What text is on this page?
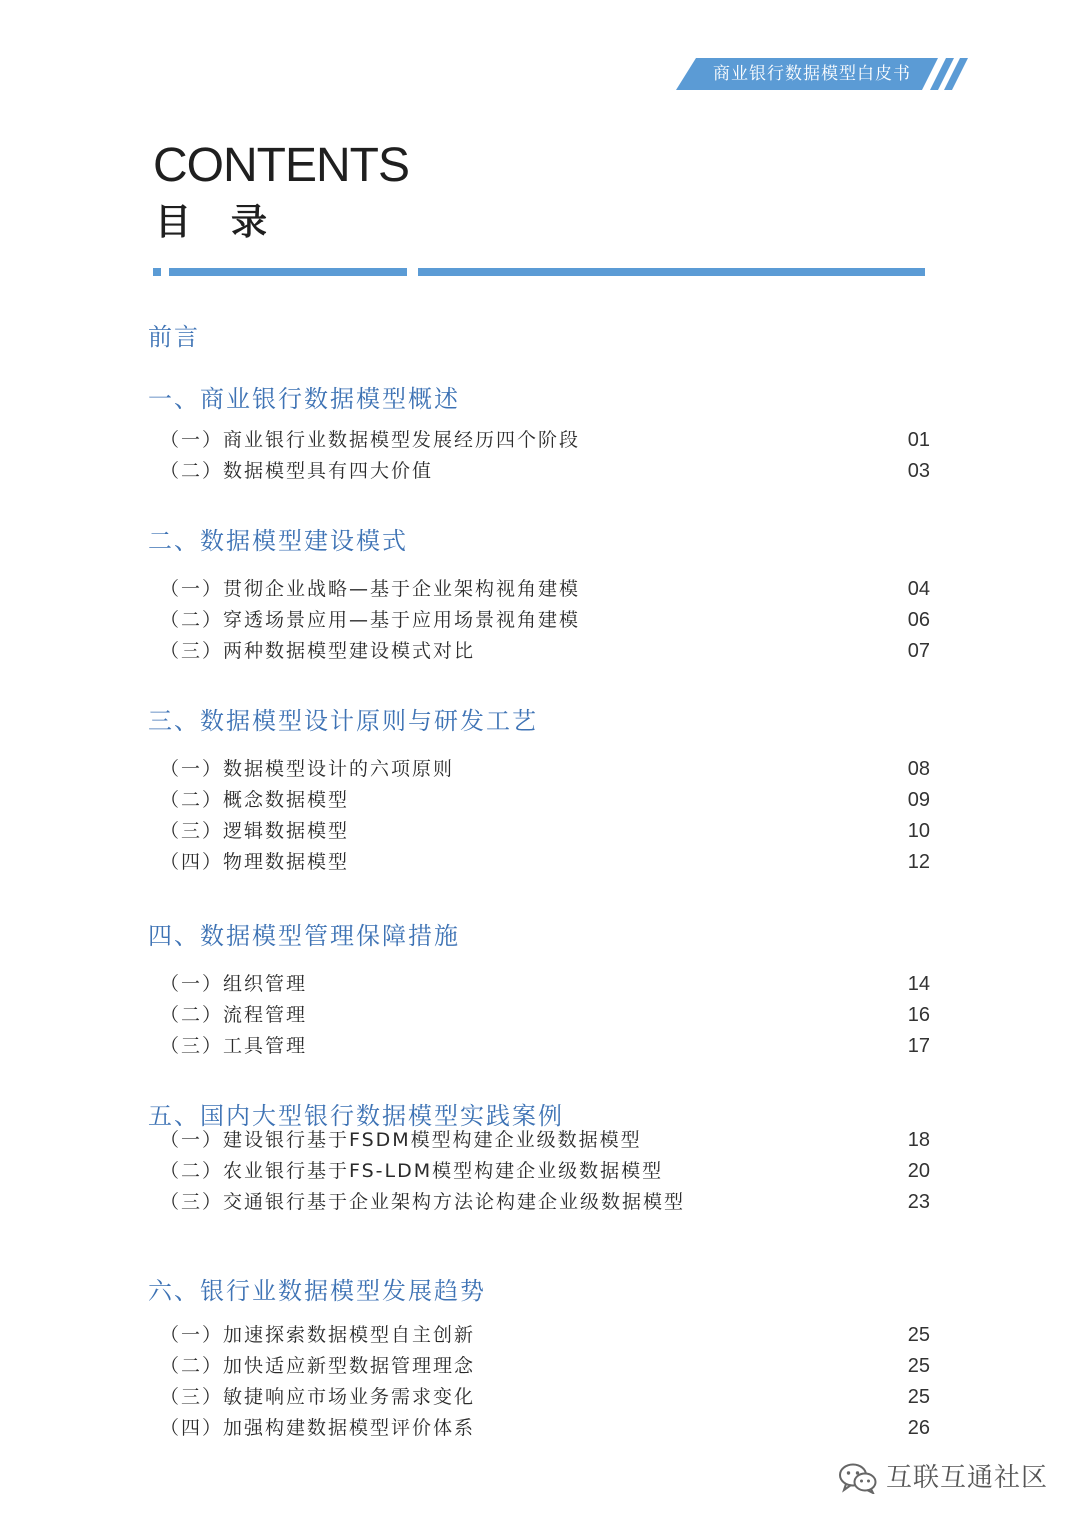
商业银行数据模型白皮书
CONTENTS
目录
前言
一、商业银行数据模型概述
（一）商业银行业数据模型发展经历四个阶段	01
（二）数据模型具有四大价值	03
二、数据模型建设模式
（一）贯彻企业战略—基于企业架构视角建模	04
（二）穿透场景应用—基于应用场景视角建模	06
（三）两种数据模型建设模式对比	07
三、数据模型设计原则与研发工艺
（一）数据模型设计的六项原则	08
（二）概念数据模型	09
（三）逻辑数据模型	10
（四）物理数据模型	12
四、数据模型管理保障措施
（一）组织管理	14
（二）流程管理	16
（三）工具管理	17
五、国内大型银行数据模型实践案例
（一）建设银行基于FSDM模型构建企业级数据模型	18
（二）农业银行基于FS-LDM模型构建企业级数据模型	20
（三）交通银行基于企业架构方法论构建企业级数据模型	23
六、银行业数据模型发展趋势
（一）加速探索数据模型自主创新	25
（二）加快适应新型数据管理理念	25
（三）敏捷响应市场业务需求变化	25
（四）加强构建数据模型评价体系	26
互联互通社区
